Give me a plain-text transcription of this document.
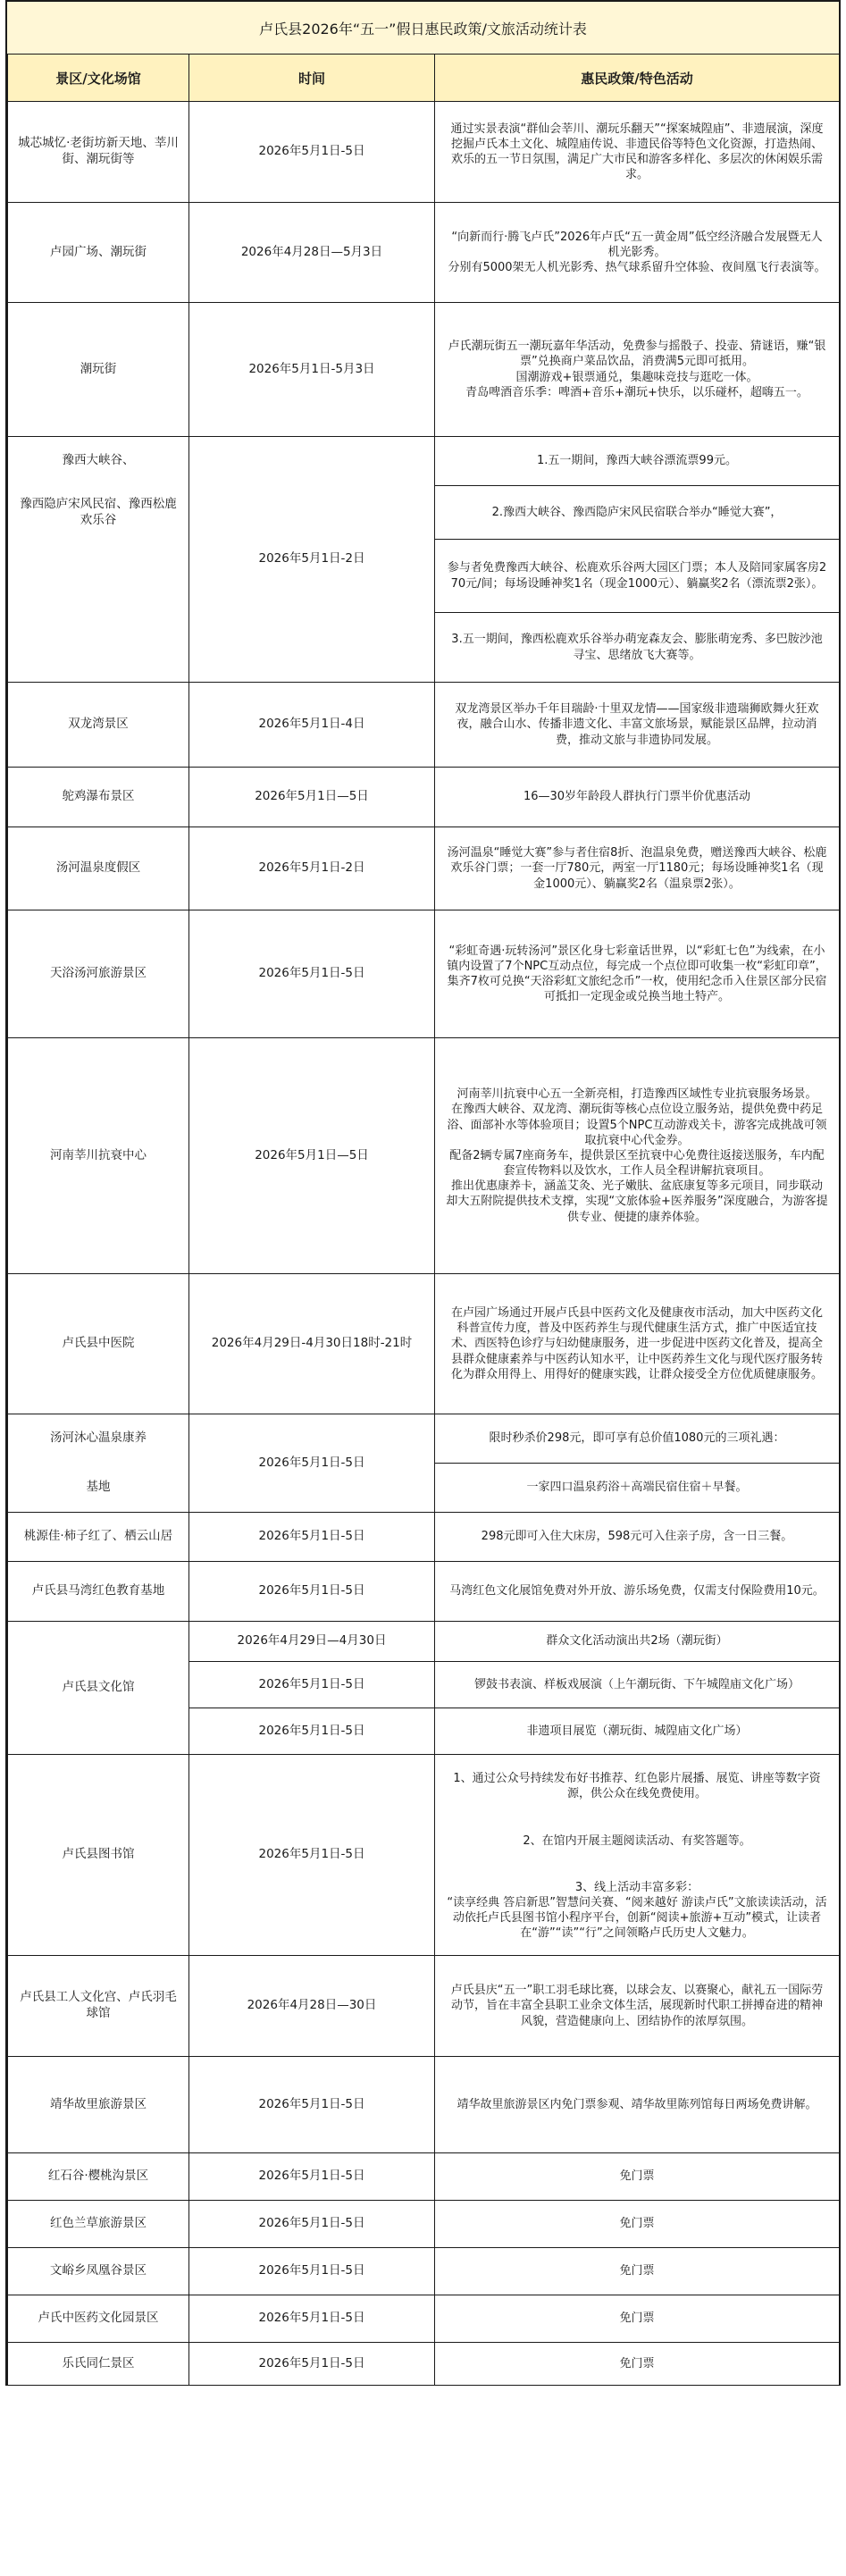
卢氏县2026年“五一”假日惠民政策/文旅活动统计表
景区/文化场馆	时间	惠民政策/特色活动
城芯城忆·老街坊新天地、莘川街、潮玩街等	2026年5月1日-5日	通过实景表演“群仙会莘川、潮玩乐翻天”“探案城隍庙”、非遗展演，深度挖掘卢氏本土文化、城隍庙传说、非遗民俗等特色文化资源，打造热闹、欢乐的五一节日氛围，满足广大市民和游客多样化、多层次的休闲娱乐需求。
卢园广场、潮玩街	2026年4月28日—5月3日	“向新而行·腾飞卢氏”2026年卢氏“五一黄金周”低空经济融合发展暨无人机光影秀。
分别有5000架无人机光影秀、热气球系留升空体验、夜间凰飞行表演等。
潮玩街	2026年5月1日-5月3日	卢氏潮玩街五一潮玩嘉年华活动，免费参与摇骰子、投壶、猜谜语，赚“银票”兑换商户菜品饮品，消费满5元即可抵用。
国潮游戏+银票通兑，集趣味竞技与逛吃一体。
青岛啤酒音乐季：啤酒+音乐+潮玩+快乐，以乐碰杯，超嗨五一。
豫西大峡谷、	2026年5月1日-2日	1.五一期间，豫西大峡谷漂流票99元。
豫西隐庐宋风民宿、豫西松鹿欢乐谷		2.豫西大峡谷、豫西隐庐宋风民宿联合举办“睡觉大赛”，
		参与者免费豫西大峡谷、松鹿欢乐谷两大园区门票；本人及陪同家属客房270元/间；每场设睡神奖1名（现金1000元）、躺赢奖2名（漂流票2张）。
		3.五一期间，豫西松鹿欢乐谷举办萌宠森友会、膨胀萌宠秀、多巴胺沙池寻宝、思绪放飞大赛等。
双龙湾景区	2026年5月1日-4日	双龙湾景区举办千年目瑞龄·十里双龙情——国家级非遗瑞狮欧舞火狂欢夜，融合山水、传播非遗文化、丰富文旅场景，赋能景区品牌，拉动消费，推动文旅与非遗协同发展。
鸵鸡瀑布景区	2026年5月1日—5日	16—30岁年龄段人群执行门票半价优惠活动
汤河温泉度假区	2026年5月1日-2日	汤河温泉“睡觉大赛”参与者住宿8折、泡温泉免费，赠送豫西大峡谷、松鹿欢乐谷门票；一套一厅780元，两室一厅1180元；每场设睡神奖1名（现金1000元）、躺赢奖2名（温泉票2张）。
天浴汤河旅游景区	2026年5月1日-5日	“彩虹奇遇·玩转汤河”景区化身七彩童话世界，以“彩虹七色”为线索，在小镇内设置了7个NPC互动点位，每完成一个点位即可收集一枚“彩虹印章”，集齐7枚可兑换“天浴彩虹文旅纪念币”一枚，使用纪念币入住景区部分民宿可抵扣一定现金或兑换当地土特产。
河南莘川抗衰中心	2026年5月1日—5日	河南莘川抗衰中心五一全新亮相，打造豫西区域性专业抗衰服务场景。
在豫西大峡谷、双龙湾、潮玩街等核心点位设立服务站，提供免费中药足浴、面部补水等体验项目；设置5个NPC互动游戏关卡，游客完成挑战可领取抗衰中心代金券。
配备2辆专属7座商务车，提供景区至抗衰中心免费往返接送服务，车内配套宣传物料以及饮水，工作人员全程讲解抗衰项目。
推出优惠康养卡，涵盖艾灸、光子嫩肤、盆底康复等多元项目，同步联动却大五附院提供技术支撑，实现“文旅体验+医养服务”深度融合，为游客提供专业、便捷的康养体验。
卢氏县中医院	2026年4月29日-4月30日18时-21时	在卢园广场通过开展卢氏县中医药文化及健康夜市活动，加大中医药文化科普宣传力度，普及中医药养生与现代健康生活方式，推广中医适宜技术、西医特色诊疗与妇幼健康服务，进一步促进中医药文化普及，提高全县群众健康素养与中医药认知水平，让中医药养生文化与现代医疗服务转化为群众用得上、用得好的健康实践，让群众接受全方位优质健康服务。
汤河沐心温泉康养	2026年5月1日-5日	限时秒杀价298元，即可享有总价值1080元的三项礼遇：
基地		一家四口温泉药浴＋高端民宿住宿＋早餐。
桃源佳·柿子红了、栖云山居	2026年5月1日-5日	298元即可入住大床房，598元可入住亲子房，含一日三餐。
卢氏县马湾红色教育基地	2026年5月1日-5日	马湾红色文化展馆免费对外开放、游乐场免费，仅需支付保险费用10元。
卢氏县文化馆	2026年4月29日—4月30日	群众文化活动演出共2场（潮玩街）
	2026年5月1日-5日	锣鼓书表演、样板戏展演（上午潮玩街、下午城隍庙文化广场）
	2026年5月1日-5日	非遗项目展览（潮玩街、城隍庙文化广场）
卢氏县图书馆	2026年5月1日-5日	1、通过公众号持续发布好书推荐、红色影片展播、展览、讲座等数字资源，供公众在线免费使用。
		2、在馆内开展主题阅读活动、有奖答题等。
		3、线上活动丰富多彩：
“读享经典 答启新思”智慧问关赛、“阅来越好 游读卢氏”文旅读读活动，活动依托卢氏县图书馆小程序平台，创新“阅读+旅游+互动”模式，让读者在“游”“读”“行”之间领略卢氏历史人文魅力。
卢氏县工人文化宫、卢氏羽毛球馆	2026年4月28日—30日	卢氏县庆“五一”职工羽毛球比赛，以球会友、以赛聚心，献礼五一国际劳动节，旨在丰富全县职工业余文体生活，展现新时代职工拼搏奋进的精神风貌，营造健康向上、团结协作的浓厚氛围。
靖华故里旅游景区	2026年5月1日-5日	靖华故里旅游景区内免门票参观、靖华故里陈列馆每日两场免费讲解。
红石谷·樱桃沟景区	2026年5月1日-5日	免门票
红色兰草旅游景区	2026年5月1日-5日	免门票
文峪乡凤凰谷景区	2026年5月1日-5日	免门票
卢氏中医药文化园景区	2026年5月1日-5日	免门票
乐氏同仁景区	2026年5月1日-5日	免门票
